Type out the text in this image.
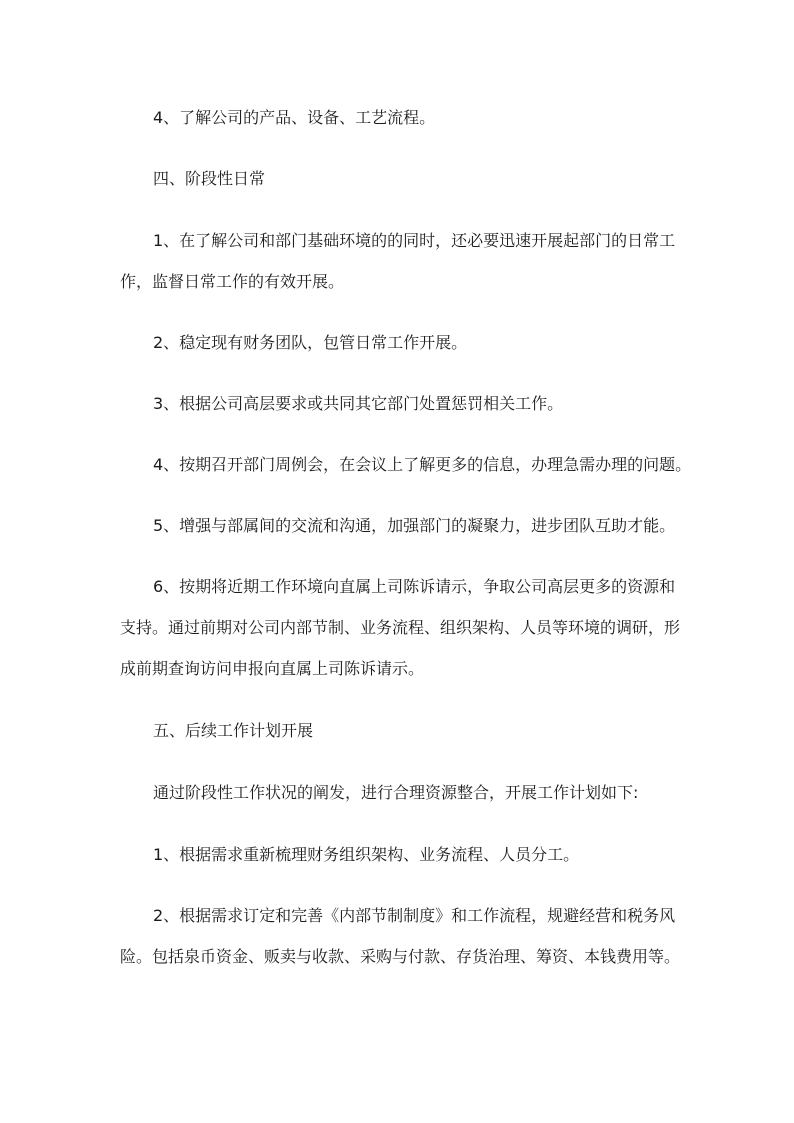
4、了解公司的产品、设备、工艺流程。

四、阶段性日常

1、在了解公司和部门基础环境的的同时，还必要迅速开展起部门的日常工
作，监督日常工作的有效开展。

2、稳定现有财务团队，包管日常工作开展。

3、根据公司高层要求或共同其它部门处置惩罚相关工作。

4、按期召开部门周例会，在会议上了解更多的信息，办理急需办理的问题。

5、增强与部属间的交流和沟通，加强部门的凝聚力，进步团队互助才能。

6、按期将近期工作环境向直属上司陈诉请示，争取公司高层更多的资源和
支持。通过前期对公司内部节制、业务流程、组织架构、人员等环境的调研，形
成前期查询访问申报向直属上司陈诉请示。

五、后续工作计划开展

通过阶段性工作状况的阐发，进行合理资源整合，开展工作计划如下:

1、根据需求重新梳理财务组织架构、业务流程、人员分工。

2、根据需求订定和完善《内部节制制度》和工作流程，规避经营和税务风
险。包括泉币资金、贩卖与收款、采购与付款、存货治理、筹资、本钱费用等。
